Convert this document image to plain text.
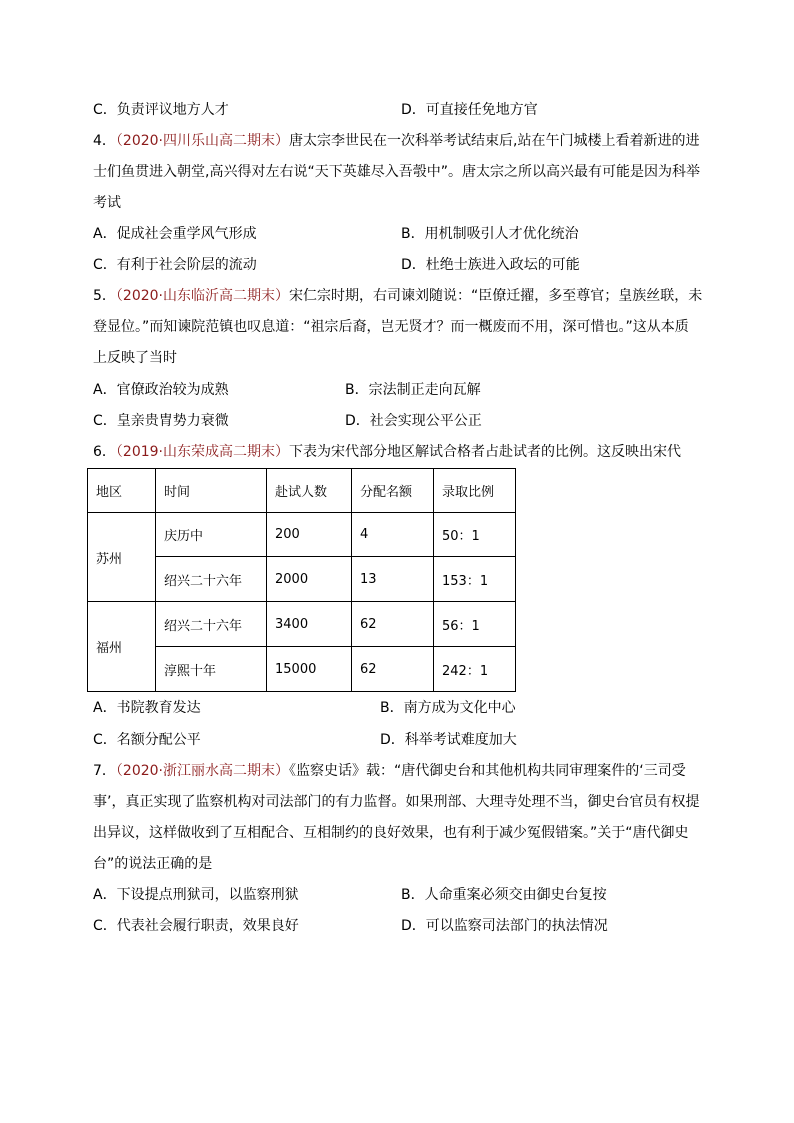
C．负责评议地方人才	D．可直接任免地方官
4．（2020·四川乐山高二期末）唐太宗李世民在一次科举考试结束后,站在午门城楼上看着新进的进
士们鱼贯进入朝堂,高兴得对左右说“天下英雄尽入吾彀中”。唐太宗之所以高兴最有可能是因为科举
考试
A．促成社会重学风气形成	B．用机制吸引人才优化统治
C．有利于社会阶层的流动	D．杜绝士族进入政坛的可能
5．（2020·山东临沂高二期末）宋仁宗时期，右司谏刘随说：“臣僚迁擢，多至尊官；皇族丝联，未
登显位。”而知谏院范镇也叹息道：“祖宗后裔，岂无贤才？而一概废而不用，深可惜也。”这从本质
上反映了当时
A．官僚政治较为成熟	B．宗法制正走向瓦解
C．皇亲贵胄势力衰微	D．社会实现公平公正
6．（2019·山东荣成高二期末）下表为宋代部分地区解试合格者占赴试者的比例。这反映出宋代
地区	时间	赴试人数	分配名额	录取比例
苏州	庆历中	200	4	50：1
	绍兴二十六年	2000	13	153：1
福州	绍兴二十六年	3400	62	56：1
	淳熙十年	15000	62	242：1
A．书院教育发达	B．南方成为文化中心
C．名额分配公平	D．科举考试难度加大
7．（2020·浙江丽水高二期末）《监察史话》载：“唐代御史台和其他机构共同审理案件的‘三司受
事’，真正实现了监察机构对司法部门的有力监督。如果刑部、大理寺处理不当，御史台官员有权提
出异议，这样做收到了互相配合、互相制约的良好效果，也有利于减少冤假错案。”关于“唐代御史
台”的说法正确的是
A．下设提点刑狱司，以监察刑狱	B．人命重案必须交由御史台复按
C．代表社会履行职责，效果良好	D．可以监察司法部门的执法情况
